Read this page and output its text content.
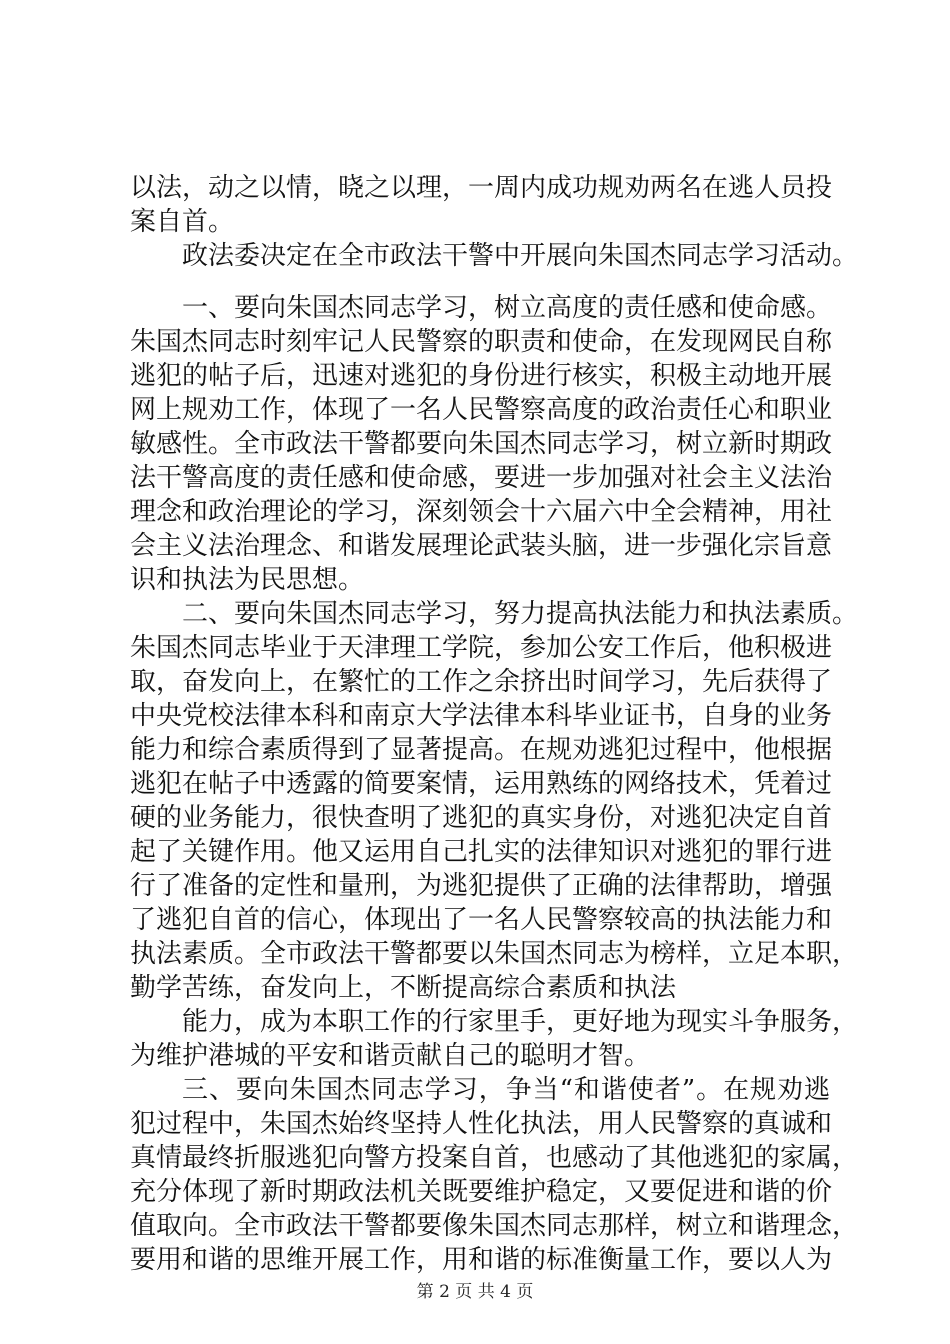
以法，动之以情，晓之以理，一周内成功规劝两名在逃人员投
案自首。
政法委决定在全市政法干警中开展向朱国杰同志学习活动。
一、要向朱国杰同志学习，树立高度的责任感和使命感。
朱国杰同志时刻牢记人民警察的职责和使命，在发现网民自称
逃犯的帖子后，迅速对逃犯的身份进行核实，积极主动地开展
网上规劝工作，体现了一名人民警察高度的政治责任心和职业
敏感性。全市政法干警都要向朱国杰同志学习，树立新时期政
法干警高度的责任感和使命感，要进一步加强对社会主义法治
理念和政治理论的学习，深刻领会十六届六中全会精神，用社
会主义法治理念、和谐发展理论武装头脑，进一步强化宗旨意
识和执法为民思想。
二、要向朱国杰同志学习，努力提高执法能力和执法素质。
朱国杰同志毕业于天津理工学院，参加公安工作后，他积极进
取，奋发向上，在繁忙的工作之余挤出时间学习，先后获得了
中央党校法律本科和南京大学法律本科毕业证书，自身的业务
能力和综合素质得到了显著提高。在规劝逃犯过程中，他根据
逃犯在帖子中透露的简要案情，运用熟练的网络技术，凭着过
硬的业务能力，很快查明了逃犯的真实身份，对逃犯决定自首
起了关键作用。他又运用自己扎实的法律知识对逃犯的罪行进
行了准备的定性和量刑，为逃犯提供了正确的法律帮助，增强
了逃犯自首的信心，体现出了一名人民警察较高的执法能力和
执法素质。全市政法干警都要以朱国杰同志为榜样，立足本职，
勤学苦练，奋发向上，不断提高综合素质和执法
能力，成为本职工作的行家里手，更好地为现实斗争服务，
为维护港城的平安和谐贡献自己的聪明才智。
三、要向朱国杰同志学习，争当“和谐使者”。在规劝逃
犯过程中，朱国杰始终坚持人性化执法，用人民警察的真诚和
真情最终折服逃犯向警方投案自首，也感动了其他逃犯的家属，
充分体现了新时期政法机关既要维护稳定，又要促进和谐的价
值取向。全市政法干警都要像朱国杰同志那样，树立和谐理念，
要用和谐的思维开展工作，用和谐的标准衡量工作，要以人为
第 2 页 共 4 页
